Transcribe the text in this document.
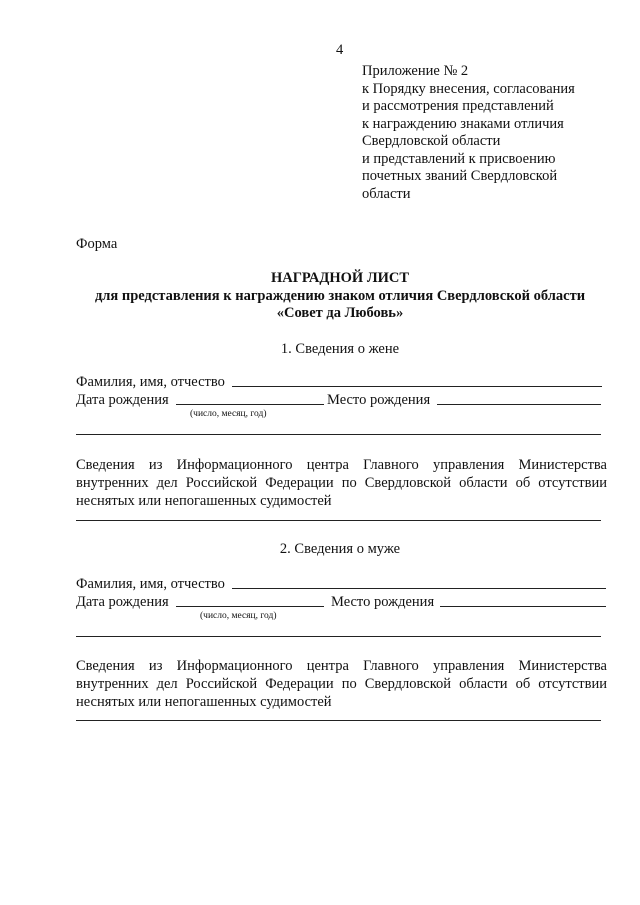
4
Приложение № 2
к Порядку внесения, согласования
и рассмотрения представлений
к награждению знаками отличия
Свердловской области
и представлений к присвоению
почетных званий Свердловской
области
Форма
НАГРАДНОЙ ЛИСТ
для представления к награждению знаком отличия Свердловской области
«Совет да Любовь»
1. Сведения о жене
Фамилия, имя, отчество
Дата рождения	Место рождения
(число, месяц, год)
Сведения из Информационного центра Главного управления Министерства
внутренних дел Российской Федерации по Свердловской области об отсутствии
неснятых или непогашенных судимостей
2. Сведения о муже
Фамилия, имя, отчество
Дата рождения	Место рождения
(число, месяц, год)
Сведения из Информационного центра Главного управления Министерства
внутренних дел Российской Федерации по Свердловской области об отсутствии
неснятых или непогашенных судимостей
